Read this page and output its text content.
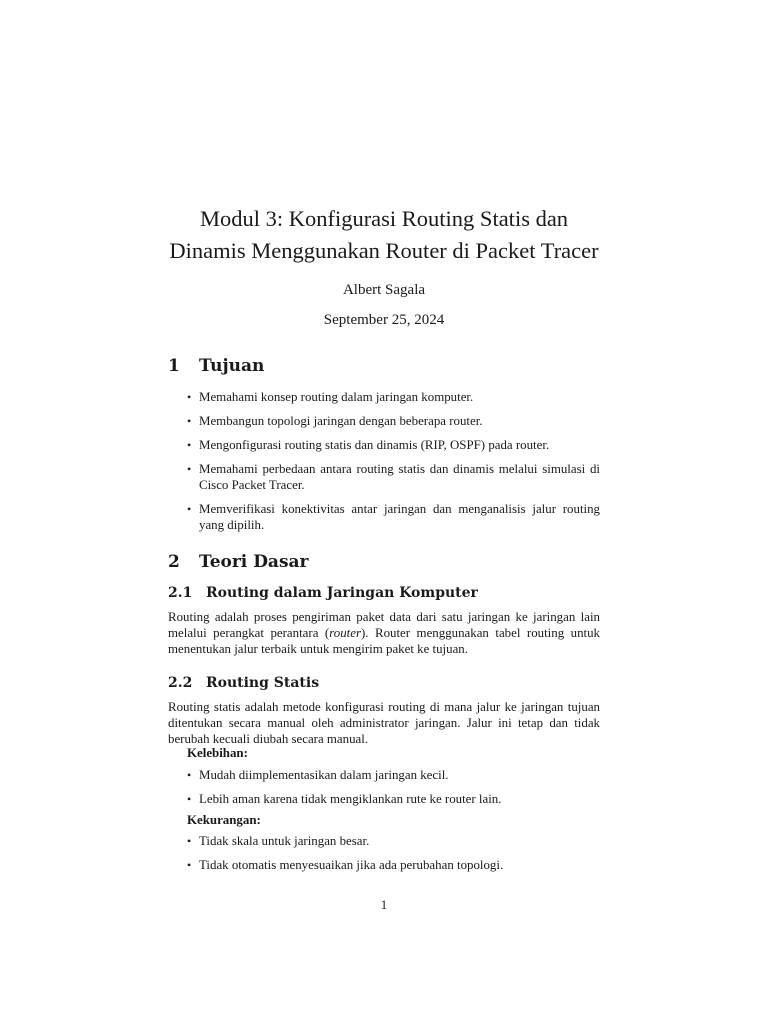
Modul 3: Konfigurasi Routing Statis dan
Dinamis Menggunakan Router di Packet Tracer
Albert Sagala
September 25, 2024
1 Tujuan
• Memahami konsep routing dalam jaringan komputer.
• Membangun topologi jaringan dengan beberapa router.
• Mengonfigurasi routing statis dan dinamis (RIP, OSPF) pada router.
• Memahami perbedaan antara routing statis dan dinamis melalui simulasi di Cisco Packet Tracer.
• Memverifikasi konektivitas antar jaringan dan menganalisis jalur routing yang dipilih.
2 Teori Dasar
2.1 Routing dalam Jaringan Komputer

Routing adalah proses pengiriman paket data dari satu jaringan ke jaringan lain melalui perangkat perantara (router). Router menggunakan tabel routing untuk menentukan jalur terbaik untuk mengirim paket ke tujuan.

2.2 Routing Statis

Routing statis adalah metode konfigurasi routing di mana jalur ke jaringan tujuan ditentukan secara manual oleh administrator jaringan. Jalur ini tetap dan tidak berubah kecuali diubah secara manual.

Kelebihan:

• Mudah diimplementasikan dalam jaringan kecil.
• Lebih aman karena tidak mengiklankan rute ke router lain.

Kekurangan:

• Tidak skala untuk jaringan besar.
• Tidak otomatis menyesuaikan jika ada perubahan topologi.
1
